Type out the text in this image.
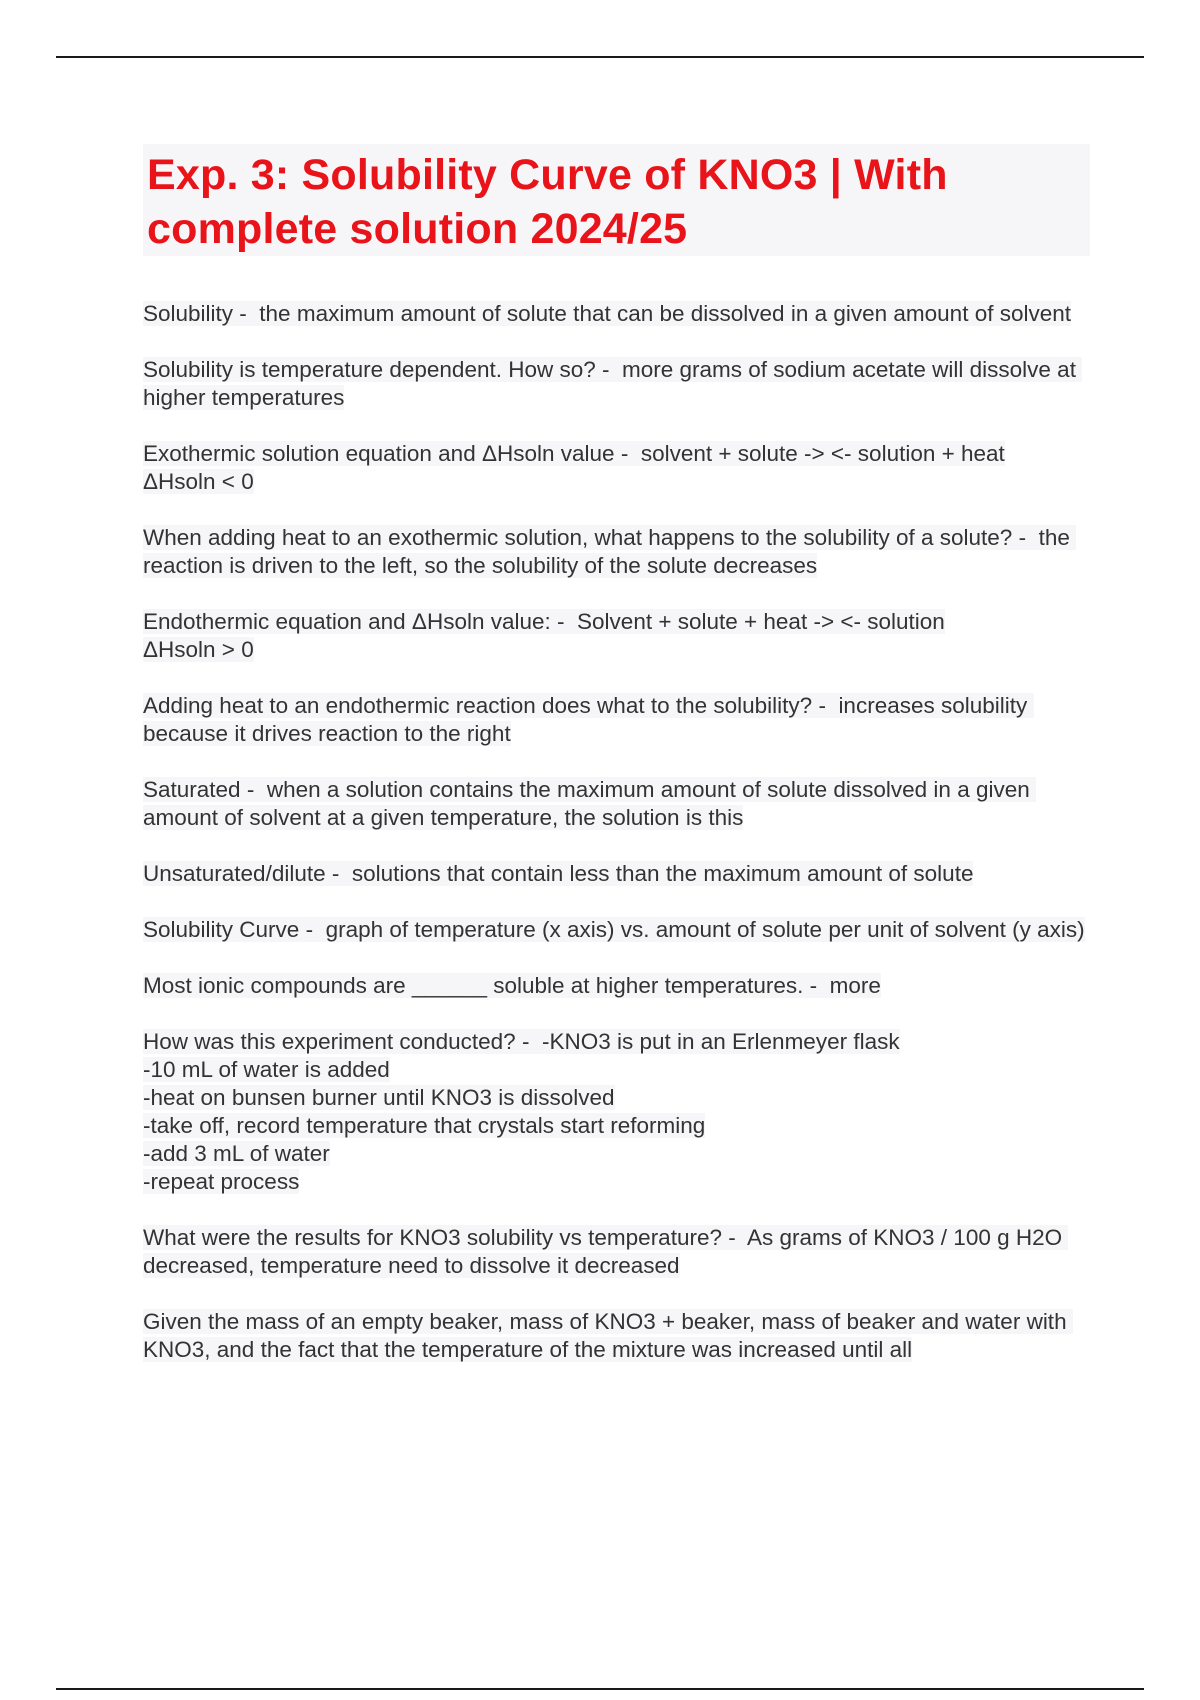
Exp. 3: Solubility Curve of KNO3 | With complete solution 2024/25
Solubility -  the maximum amount of solute that can be dissolved in a given amount of solvent
Solubility is temperature dependent. How so? -  more grams of sodium acetate will dissolve at higher temperatures
Exothermic solution equation and ΔHsoln value -  solvent + solute -> <- solution + heat
ΔHsoln < 0
When adding heat to an exothermic solution, what happens to the solubility of a solute? -  the reaction is driven to the left, so the solubility of the solute decreases
Endothermic equation and ΔHsoln value: -  Solvent + solute + heat -> <- solution
ΔHsoln > 0
Adding heat to an endothermic reaction does what to the solubility? -  increases solubility because it drives reaction to the right
Saturated -  when a solution contains the maximum amount of solute dissolved in a given amount of solvent at a given temperature, the solution is this
Unsaturated/dilute -  solutions that contain less than the maximum amount of solute
Solubility Curve -  graph of temperature (x axis) vs. amount of solute per unit of solvent (y axis)
Most ionic compounds are ______ soluble at higher temperatures. -  more
How was this experiment conducted? -  -KNO3 is put in an Erlenmeyer flask
-10 mL of water is added
-heat on bunsen burner until KNO3 is dissolved
-take off, record temperature that crystals start reforming
-add 3 mL of water
-repeat process
What were the results for KNO3 solubility vs temperature? -  As grams of KNO3 / 100 g H2O decreased, temperature need to dissolve it decreased
Given the mass of an empty beaker, mass of KNO3 + beaker, mass of beaker and water with KNO3, and the fact that the temperature of the mixture was increased until all
